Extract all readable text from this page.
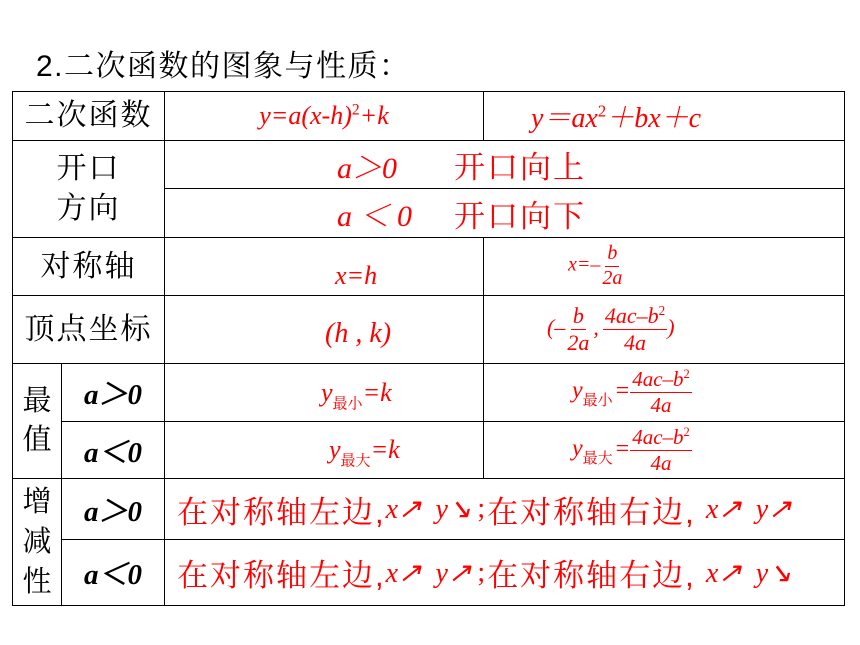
2.二次函数的图象与性质：
二次函数	$y=a(x-h)^2+k$	$y=ax^2+bx+c$
开口
方向
a＞0	开口向上
a ＜ 0	开口向下
对称轴	x=h	$x=- \frac{b}{2a}$
顶点坐标	(h , k)	(– $\frac{b}{2a}$ , $\frac{4ac-b^2}{4a}$ )
最
值
a＞0	$y_{最小}=k$	$y_{最小} = \frac{4ac-b^2}{4a}$
a＜0	$y_{最大}=k$	$y_{最大} = \frac{4ac-b^2}{4a}$
增
减
性
a＞0 在对称轴左边, x↗ y↘ ; 在对称轴右边, x↗ y↗
a＜0 在对称轴左边, x↗ y↗ ; 在对称轴右边, x↗ y↘
